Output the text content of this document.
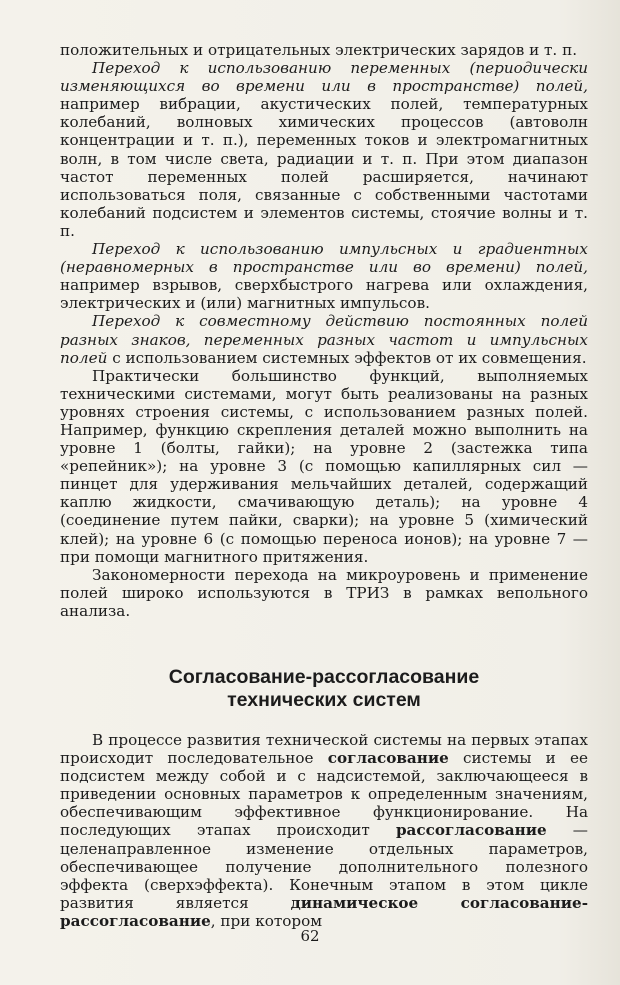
положительных и отрицательных электрических зарядов и т. п.

Переход к использованию переменных (периодически изменяющихся во времени или в пространстве) полей, например вибрации, акустических полей, температурных колебаний, волновых химических процессов (автоволн концентрации и т. п.), переменных токов и электромагнитных волн, в том числе света, радиации и т. п. При этом диапазон частот переменных полей расширяется, начинают использоваться поля, связанные с собственными частотами колебаний подсистем и элементов системы, стоячие волны и т. п.

Переход к использованию импульсных и градиентных (неравномерных в пространстве или во времени) полей, например взрывов, сверхбыстрого нагрева или охлаждения, электрических и (или) магнитных импульсов.

Переход к совместному действию постоянных полей разных знаков, переменных разных частот и импульсных полей с использованием системных эффектов от их совмещения.

Практически большинство функций, выполняемых техническими системами, могут быть реализованы на разных уровнях строения системы, с использованием разных полей. Например, функцию скрепления деталей можно выполнить на уровне 1 (болты, гайки); на уровне 2 (застежка типа «репейник»); на уровне 3 (с помощью капиллярных сил — пинцет для удерживания мельчайших деталей, содержащий каплю жидкости, смачивающую деталь); на уровне 4 (соединение путем пайки, сварки); на уровне 5 (химический клей); на уровне 6 (с помощью переноса ионов); на уровне 7 — при помощи магнитного притяжения.

Закономерности перехода на микроуровень и применение полей широко используются в ТРИЗ в рамках вепольного анализа.

Согласование-рассогласование
технических систем

В процессе развития технической системы на первых этапах происходит последовательное согласование системы и ее подсистем между собой и с надсистемой, заключающееся в приведении основных параметров к определенным значениям, обеспечивающим эффективное функционирование. На последующих этапах происходит рассогласование — целенаправленное изменение отдельных параметров, обеспечивающее получение дополнительного полезного эффекта (сверхэффекта). Конечным этапом в этом цикле развития является динамическое согласование-рассогласование, при котором

62
